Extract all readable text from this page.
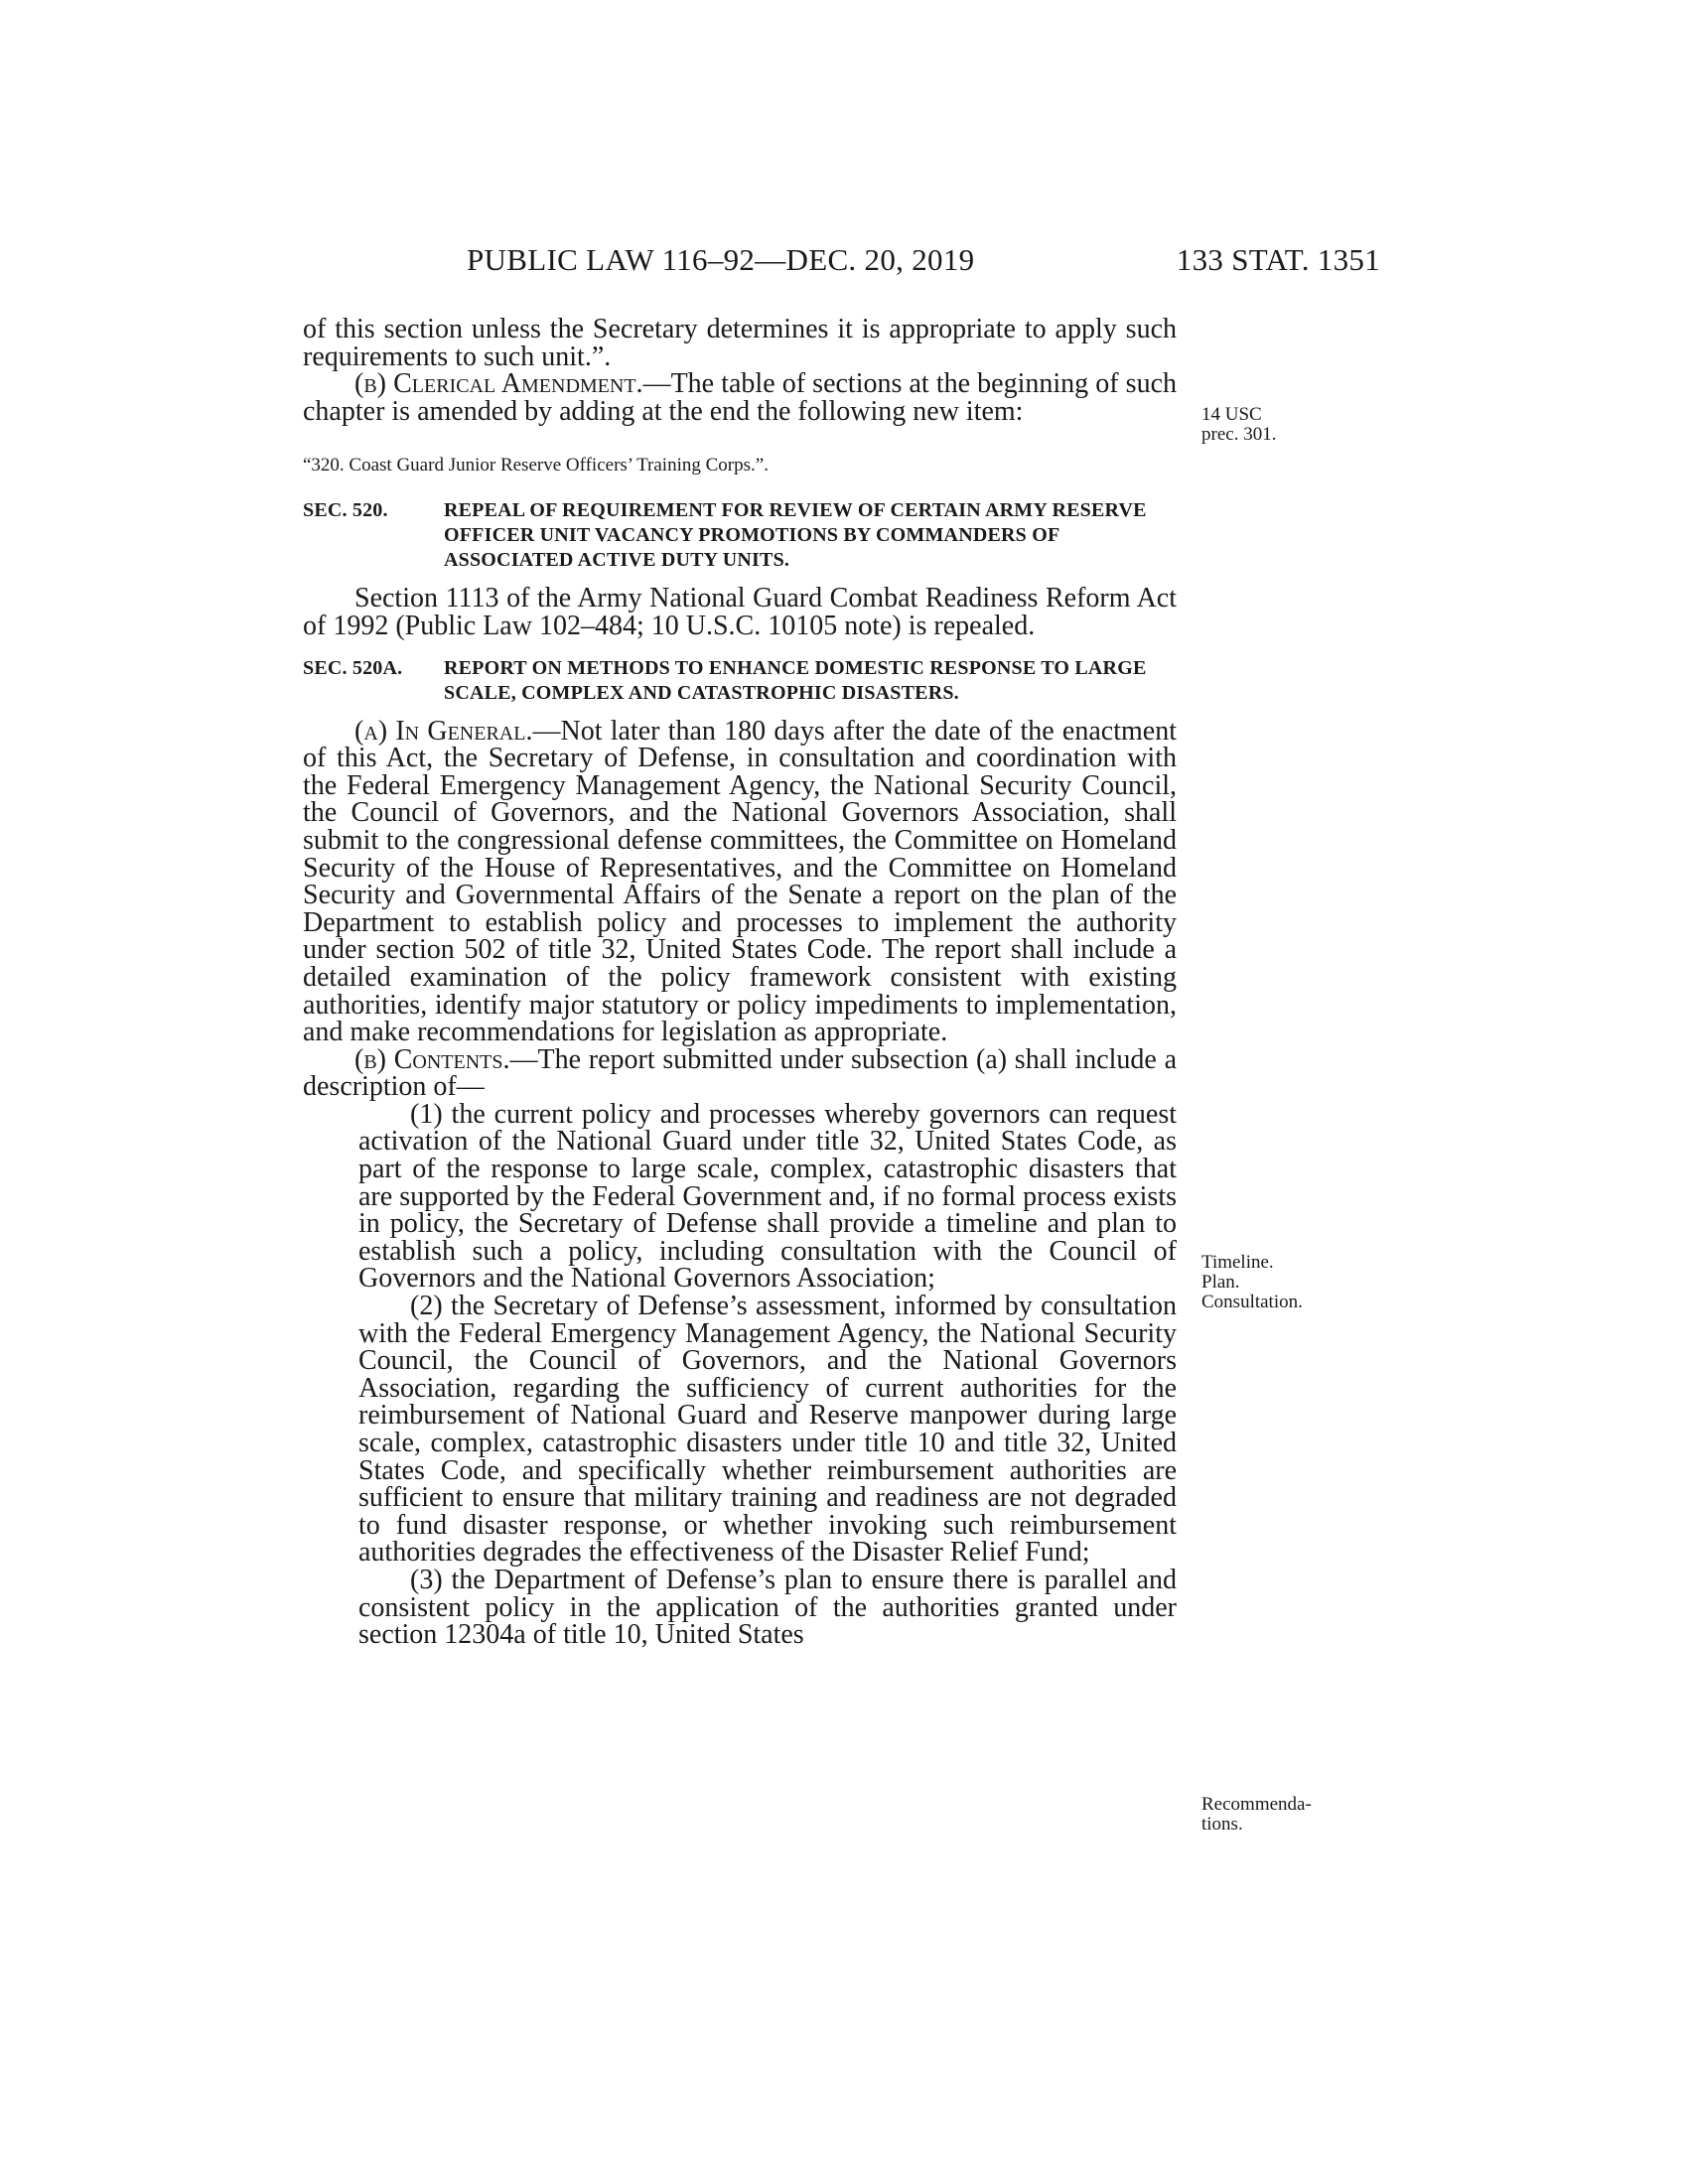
PUBLIC LAW 116–92—DEC. 20, 2019	133 STAT. 1351

of this section unless the Secretary determines it is appropriate to apply such requirements to such unit.”.

(b) Clerical Amendment.—The table of sections at the beginning of such chapter is amended by adding at the end the following new item:

“320. Coast Guard Junior Reserve Officers’ Training Corps.”.

SEC. 520.	REPEAL OF REQUIREMENT FOR REVIEW OF CERTAIN ARMY RESERVE OFFICER UNIT VACANCY PROMOTIONS BY COMMANDERS OF ASSOCIATED ACTIVE DUTY UNITS.

Section 1113 of the Army National Guard Combat Readiness Reform Act of 1992 (Public Law 102–484; 10 U.S.C. 10105 note) is repealed.

SEC. 520A. REPORT ON METHODS TO ENHANCE DOMESTIC RESPONSE TO LARGE SCALE, COMPLEX AND CATASTROPHIC DISASTERS.

(a) In General.—Not later than 180 days after the date of the enactment of this Act, the Secretary of Defense, in consultation and coordination with the Federal Emergency Management Agency, the National Security Council, the Council of Governors, and the National Governors Association, shall submit to the congressional defense committees, the Committee on Homeland Security of the House of Representatives, and the Committee on Homeland Security and Governmental Affairs of the Senate a report on the plan of the Department to establish policy and processes to implement the authority under section 502 of title 32, United States Code. The report shall include a detailed examination of the policy framework consistent with existing authorities, identify major statutory or policy impediments to implementation, and make recommendations for legislation as appropriate.

(b) Contents.—The report submitted under subsection (a) shall include a description of—

(1) the current policy and processes whereby governors can request activation of the National Guard under title 32, United States Code, as part of the response to large scale, complex, catastrophic disasters that are supported by the Federal Government and, if no formal process exists in policy, the Secretary of Defense shall provide a timeline and plan to establish such a policy, including consultation with the Council of Governors and the National Governors Association;

(2) the Secretary of Defense’s assessment, informed by consultation with the Federal Emergency Management Agency, the National Security Council, the Council of Governors, and the National Governors Association, regarding the sufficiency of current authorities for the reimbursement of National Guard and Reserve manpower during large scale, complex, catastrophic disasters under title 10 and title 32, United States Code, and specifically whether reimbursement authorities are sufficient to ensure that military training and readiness are not degraded to fund disaster response, or whether invoking such reimbursement authorities degrades the effectiveness of the Disaster Relief Fund;

(3) the Department of Defense’s plan to ensure there is parallel and consistent policy in the application of the authorities granted under section 12304a of title 10, United States

14 USC
prec. 301.
Timeline.
Plan.
Consultation.
Recommenda-
tions.
